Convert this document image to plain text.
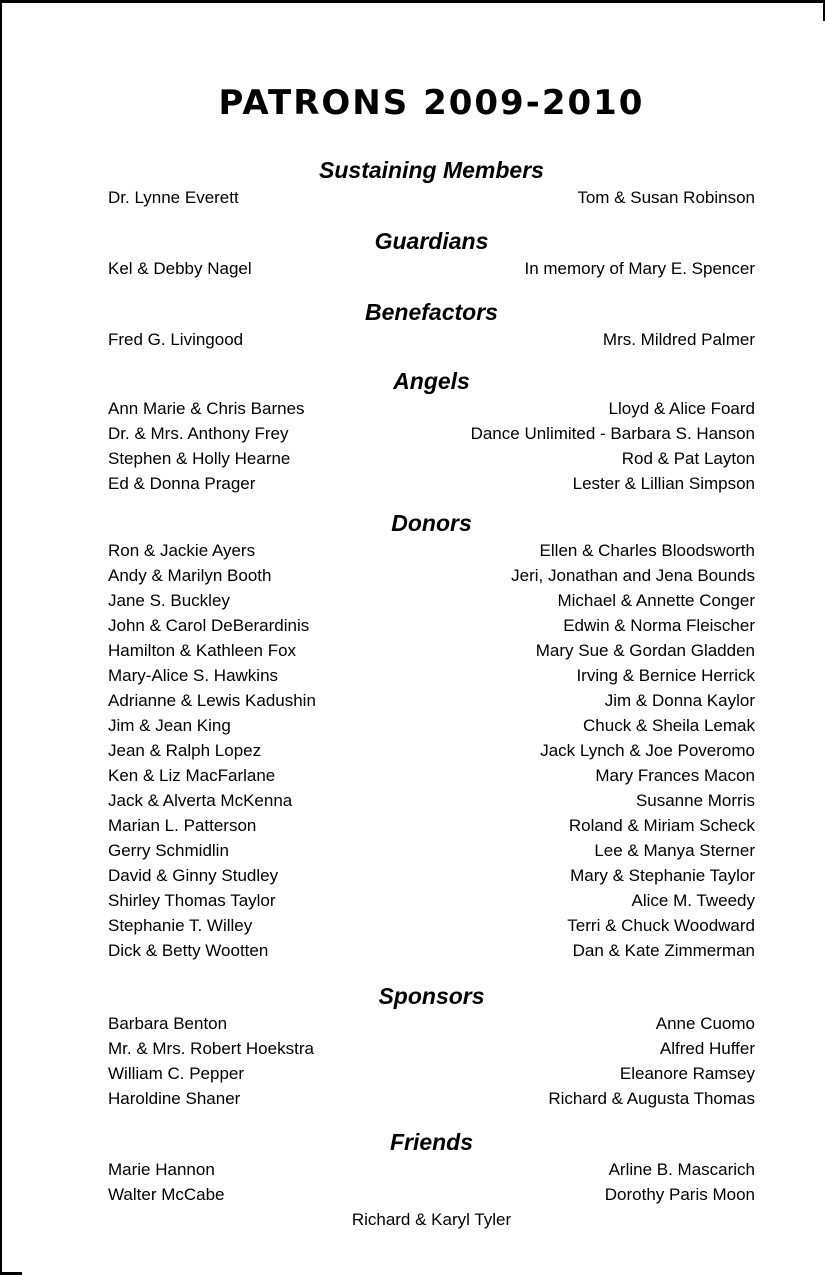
PATRONS 2009-2010
Sustaining Members
Dr. Lynne Everett	Tom & Susan Robinson
Guardians
Kel & Debby Nagel	In memory of Mary E. Spencer
Benefactors
Fred G. Livingood	Mrs. Mildred Palmer
Angels
Ann Marie & Chris Barnes	Lloyd & Alice Foard
Dr. & Mrs. Anthony Frey	Dance Unlimited - Barbara S. Hanson
Stephen & Holly Hearne	Rod & Pat Layton
Ed & Donna Prager	Lester & Lillian Simpson
Donors
Ron & Jackie Ayers	Ellen & Charles Bloodsworth
Andy & Marilyn Booth	Jeri, Jonathan and Jena Bounds
Jane S. Buckley	Michael & Annette Conger
John & Carol DeBerardinis	Edwin & Norma Fleischer
Hamilton & Kathleen Fox	Mary Sue & Gordan Gladden
Mary-Alice S. Hawkins	Irving & Bernice Herrick
Adrianne & Lewis Kadushin	Jim & Donna Kaylor
Jim & Jean King	Chuck & Sheila Lemak
Jean & Ralph Lopez	Jack Lynch & Joe Poveromo
Ken & Liz MacFarlane	Mary Frances Macon
Jack & Alverta McKenna	Susanne Morris
Marian L. Patterson	Roland & Miriam Scheck
Gerry Schmidlin	Lee & Manya Sterner
David & Ginny Studley	Mary & Stephanie Taylor
Shirley Thomas Taylor	Alice M. Tweedy
Stephanie T. Willey	Terri & Chuck Woodward
Dick & Betty Wootten	Dan & Kate Zimmerman
Sponsors
Barbara Benton	Anne Cuomo
Mr. & Mrs. Robert Hoekstra	Alfred Huffer
William C. Pepper	Eleanore Ramsey
Haroldine Shaner	Richard & Augusta Thomas
Friends
Marie Hannon	Arline B. Mascarich
Walter McCabe	Dorothy Paris Moon
Richard & Karyl Tyler
